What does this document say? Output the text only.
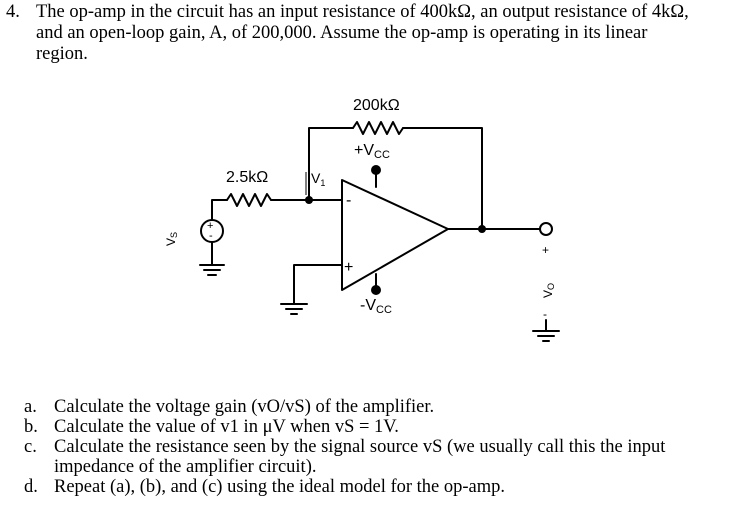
4. The op-amp in the circuit has an input resistance of 400kΩ, an output resistance of 4kΩ,
and an open-loop gain, A, of 200,000. Assume the op-amp is operating in its linear
region.
+
-
-
+
200kΩ
2.5kΩ
+VCC
-VCC
$V_1$
VS
+
VO
-
a. Calculate the voltage gain (vO/vS) of the amplifier.
b. Calculate the value of v1 in μV when vS = 1V.
c. Calculate the resistance seen by the signal source vS (we usually call this the input impedance of the amplifier circuit).
d. Repeat (a), (b), and (c) using the ideal model for the op-amp.
